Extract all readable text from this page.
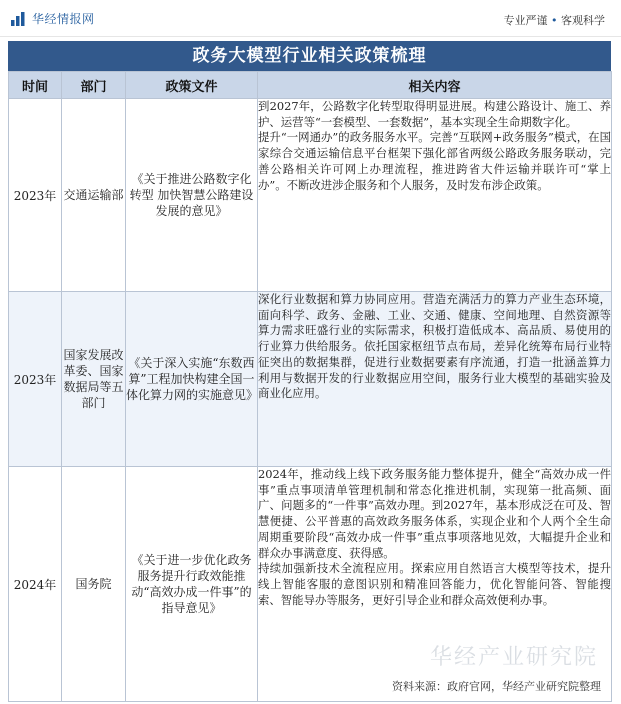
华经情报网	专业严谨 • 客观科学
政务大模型行业相关政策梳理
时间	部门	政策文件	相关内容
2023年	交通运输部	《关于推进公路数字化转型 加快智慧公路建设发展的意见》	到2027年，公路数字化转型取得明显进展。构建公路设计、施工、养护、运营等“一套模型、一套数据”，基本实现全生命期数字化。

提升“一网通办”的政务服务水平。完善“互联网+政务服务”模式，在国家综合交通运输信息平台框架下强化部省两级公路政务服务联动，完善公路相关许可网上办理流程，推进跨省大件运输并联许可“掌上办”。不断改进涉企服务和个人服务，及时发布涉企政策。

2023年	国家发展改革委、国家数据局等五部门	《关于深入实施“东数西算”工程加快构建全国一体化算力网的实施意见》	深化行业数据和算力协同应用。营造充满活力的算力产业生态环境，面向科学、政务、金融、工业、交通、健康、空间地理、自然资源等算力需求旺盛行业的实际需求，积极打造低成本、高品质、易使用的行业算力供给服务。依托国家枢纽节点布局，差异化统筹布局行业特征突出的数据集群，促进行业数据要素有序流通，打造一批涵盖算力利用与数据开发的行业数据应用空间，服务行业大模型的基础实验及商业化应用。

2024年	国务院	《关于进一步优化政务服务提升行政效能推动“高效办成一件事”的指导意见》	2024年，推动线上线下政务服务能力整体提升，健全“高效办成一件事”重点事项清单管理机制和常态化推进机制，实现第一批高频、面广、问题多的“一件事”高效办理。到2027年，基本形成泛在可及、智慧便捷、公平普惠的高效政务服务体系，实现企业和个人两个全生命周期重要阶段“高效办成一件事”重点事项落地见效，大幅提升企业和群众办事满意度、获得感。

持续加强新技术全流程应用。探索应用自然语言大模型等技术，提升线上智能客服的意图识别和精准回答能力，优化智能问答、智能搜索、智能导办等服务，更好引导企业和群众高效便利办事。

华经产业研究院
资料来源：政府官网，华经产业研究院整理
